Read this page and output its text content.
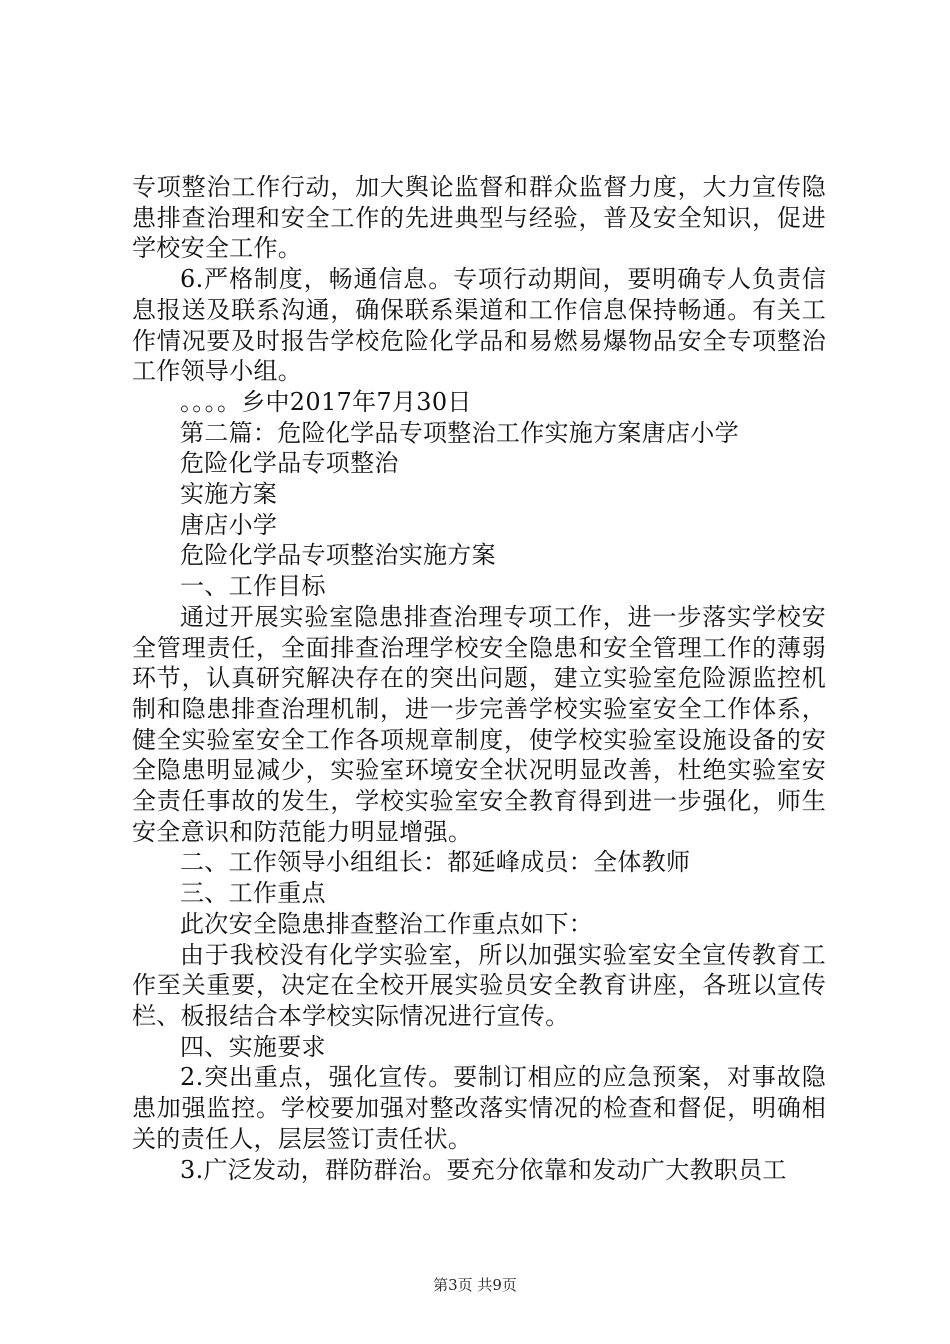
专项整治工作行动，加大舆论监督和群众监督力度，大力宣传隐患排查治理和安全工作的先进典型与经验，普及安全知识，促进学校安全工作。

6.严格制度，畅通信息。专项行动期间，要明确专人负责信息报送及联系沟通，确保联系渠道和工作信息保持畅通。有关工作情况要及时报告学校危险化学品和易燃易爆物品安全专项整治工作领导小组。

。。。。乡中2017年7月30日

第二篇：危险化学品专项整治工作实施方案唐店小学

危险化学品专项整治

实施方案

唐店小学

危险化学品专项整治实施方案

一、工作目标

通过开展实验室隐患排查治理专项工作，进一步落实学校安全管理责任，全面排查治理学校安全隐患和安全管理工作的薄弱环节，认真研究解决存在的突出问题，建立实验室危险源监控机制和隐患排查治理机制，进一步完善学校实验室安全工作体系，健全实验室安全工作各项规章制度，使学校实验室设施设备的安全隐患明显减少，实验室环境安全状况明显改善，杜绝实验室安全责任事故的发生，学校实验室安全教育得到进一步强化，师生安全意识和防范能力明显增强。

二、工作领导小组组长：都延峰成员：全体教师

三、工作重点

此次安全隐患排查整治工作重点如下：

由于我校没有化学实验室，所以加强实验室安全宣传教育工作至关重要，决定在全校开展实验员安全教育讲座，各班以宣传栏、板报结合本学校实际情况进行宣传。

四、实施要求

2.突出重点，强化宣传。要制订相应的应急预案，对事故隐患加强监控。学校要加强对整改落实情况的检查和督促，明确相关的责任人，层层签订责任状。

3.广泛发动，群防群治。要充分依靠和发动广大教职员工

第3页 共9页
